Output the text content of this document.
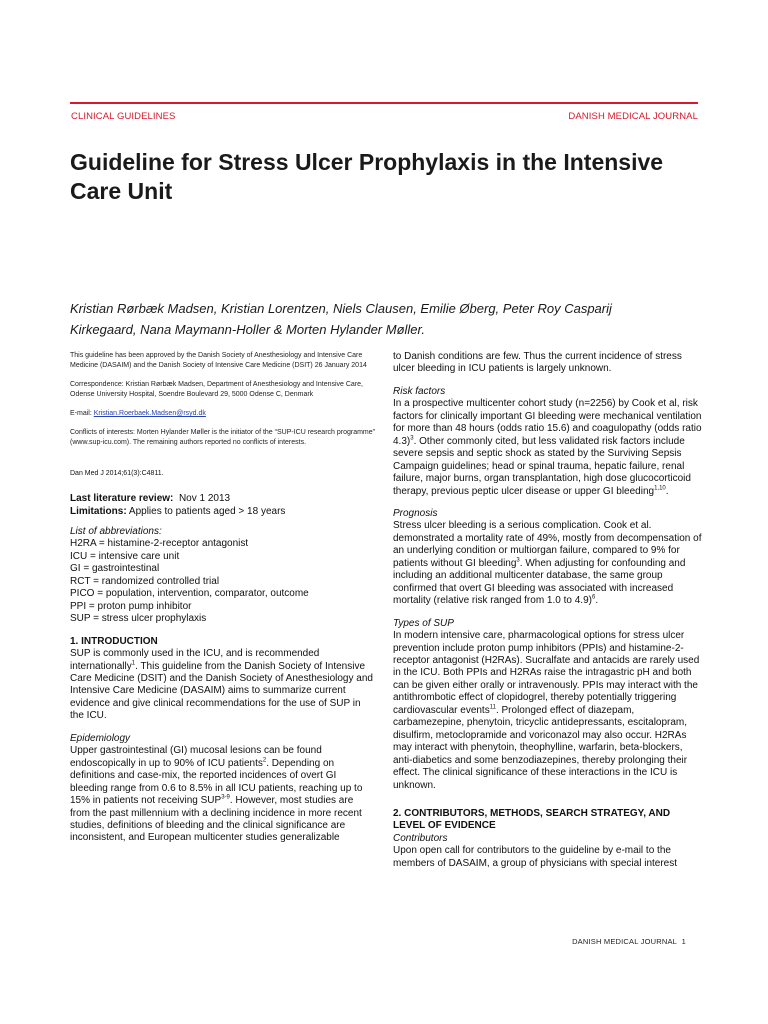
CLINICAL GUIDELINES	DANISH MEDICAL JOURNAL
Guideline for Stress Ulcer Prophylaxis in the Intensive Care Unit
Kristian Rørbæk Madsen, Kristian Lorentzen, Niels Clausen, Emilie Øberg, Peter Roy Casparij
Kirkegaard, Nana Maymann-Holler & Morten Hylander Møller.

This guideline has been approved by the Danish Society of Anesthesiology and Intensive Care Medicine (DASAIM) and the Danish Society of Intensive Care Medicine (DSIT) 26 January 2014

Correspondence: Kristian Rørbæk Madsen, Department of Anesthesiology and Intensive Care, Odense University Hospital, Soendre Boulevard 29, 5000 Odense C, Denmark

E-mail: Kristian.Roerbaek.Madsen@rsyd.dk

Conflicts of interests: Morten Hylander Møller is the initiator of the “SUP-ICU research programme” (www.sup-icu.com). The remaining authors reported no conflicts of interests.

Dan Med J 2014;61(3):C4811.

Last literature review: Nov 1 2013

Limitations: Applies to patients aged > 18 years

List of abbreviations:

H2RA = histamine-2-receptor antagonist

ICU = intensive care unit

GI = gastrointestinal

RCT = randomized controlled trial

PICO = population, intervention, comparator, outcome

PPI = proton pump inhibitor

SUP = stress ulcer prophylaxis

1. INTRODUCTION

SUP is commonly used in the ICU, and is recommended internationally$^1$. This guideline from the Danish Society of Intensive Care Medicine (DSIT) and the Danish Society of Anesthesiology and Intensive Care Medicine (DASAIM) aims to summarize current evidence and give clinical recommendations for the use of SUP in the ICU.

Epidemiology

Upper gastrointestinal (GI) mucosal lesions can be found endoscopically in up to 90% of ICU patients$^2$. Depending on definitions and case-mix, the reported incidences of overt GI bleeding range from 0.6 to 8.5% in all ICU patients, reaching up to 15% in patients not receiving SUP$^{3-9}$. However, most studies are from the past millennium with a declining incidence in more recent studies, definitions of bleeding and the clinical significance are inconsistent, and European multicenter studies generalizable

to Danish conditions are few. Thus the current incidence of stress ulcer bleeding in ICU patients is largely unknown.

Risk factors

In a prospective multicenter cohort study (n=2256) by Cook et al, risk factors for clinically important GI bleeding were mechanical ventilation for more than 48 hours (odds ratio 15.6) and coagulopathy (odds ratio 4.3)$^3$. Other commonly cited, but less validated risk factors include severe sepsis and septic shock as stated by the Surviving Sepsis Campaign guidelines; head or spinal trauma, hepatic failure, renal failure, major burns, organ transplantation, high dose glucocorticoid therapy, previous peptic ulcer disease or upper GI bleeding$^{1,10}$.

Prognosis

Stress ulcer bleeding is a serious complication. Cook et al. demonstrated a mortality rate of 49%, mostly from decompensation of an underlying condition or multiorgan failure, compared to 9% for patients without GI bleeding$^3$. When adjusting for confounding and including an additional multicenter database, the same group confirmed that overt GI bleeding was associated with increased mortality (relative risk ranged from 1.0 to 4.9)$^6$.

Types of SUP

In modern intensive care, pharmacological options for stress ulcer prevention include proton pump inhibitors (PPIs) and histamine-2-receptor antagonist (H2RAs). Sucralfate and antacids are rarely used in the ICU. Both PPIs and H2RAs raise the intragastric pH and both can be given either orally or intravenously. PPIs may interact with the antithrombotic effect of clopidogrel, thereby potentially triggering cardiovascular events$^{11}$. Prolonged effect of diazepam, carbamezepine, phenytoin, tricyclic antidepressants, escitalopram, disulfirm, metoclopramide and voriconazol may also occur. H2RAs may interact with phenytoin, theophylline, warfarin, beta-blockers, anti-diabetics and some benzodiazepines, thereby prolonging their effect. The clinical significance of these interactions in the ICU is unknown.

2. CONTRIBUTORS, METHODS, SEARCH STRATEGY, AND LEVEL OF EVIDENCE

Contributors

Upon open call for contributors to the guideline by e-mail to the members of DASAIM, a group of physicians with special interest

DANISH MEDICAL JOURNAL 1
